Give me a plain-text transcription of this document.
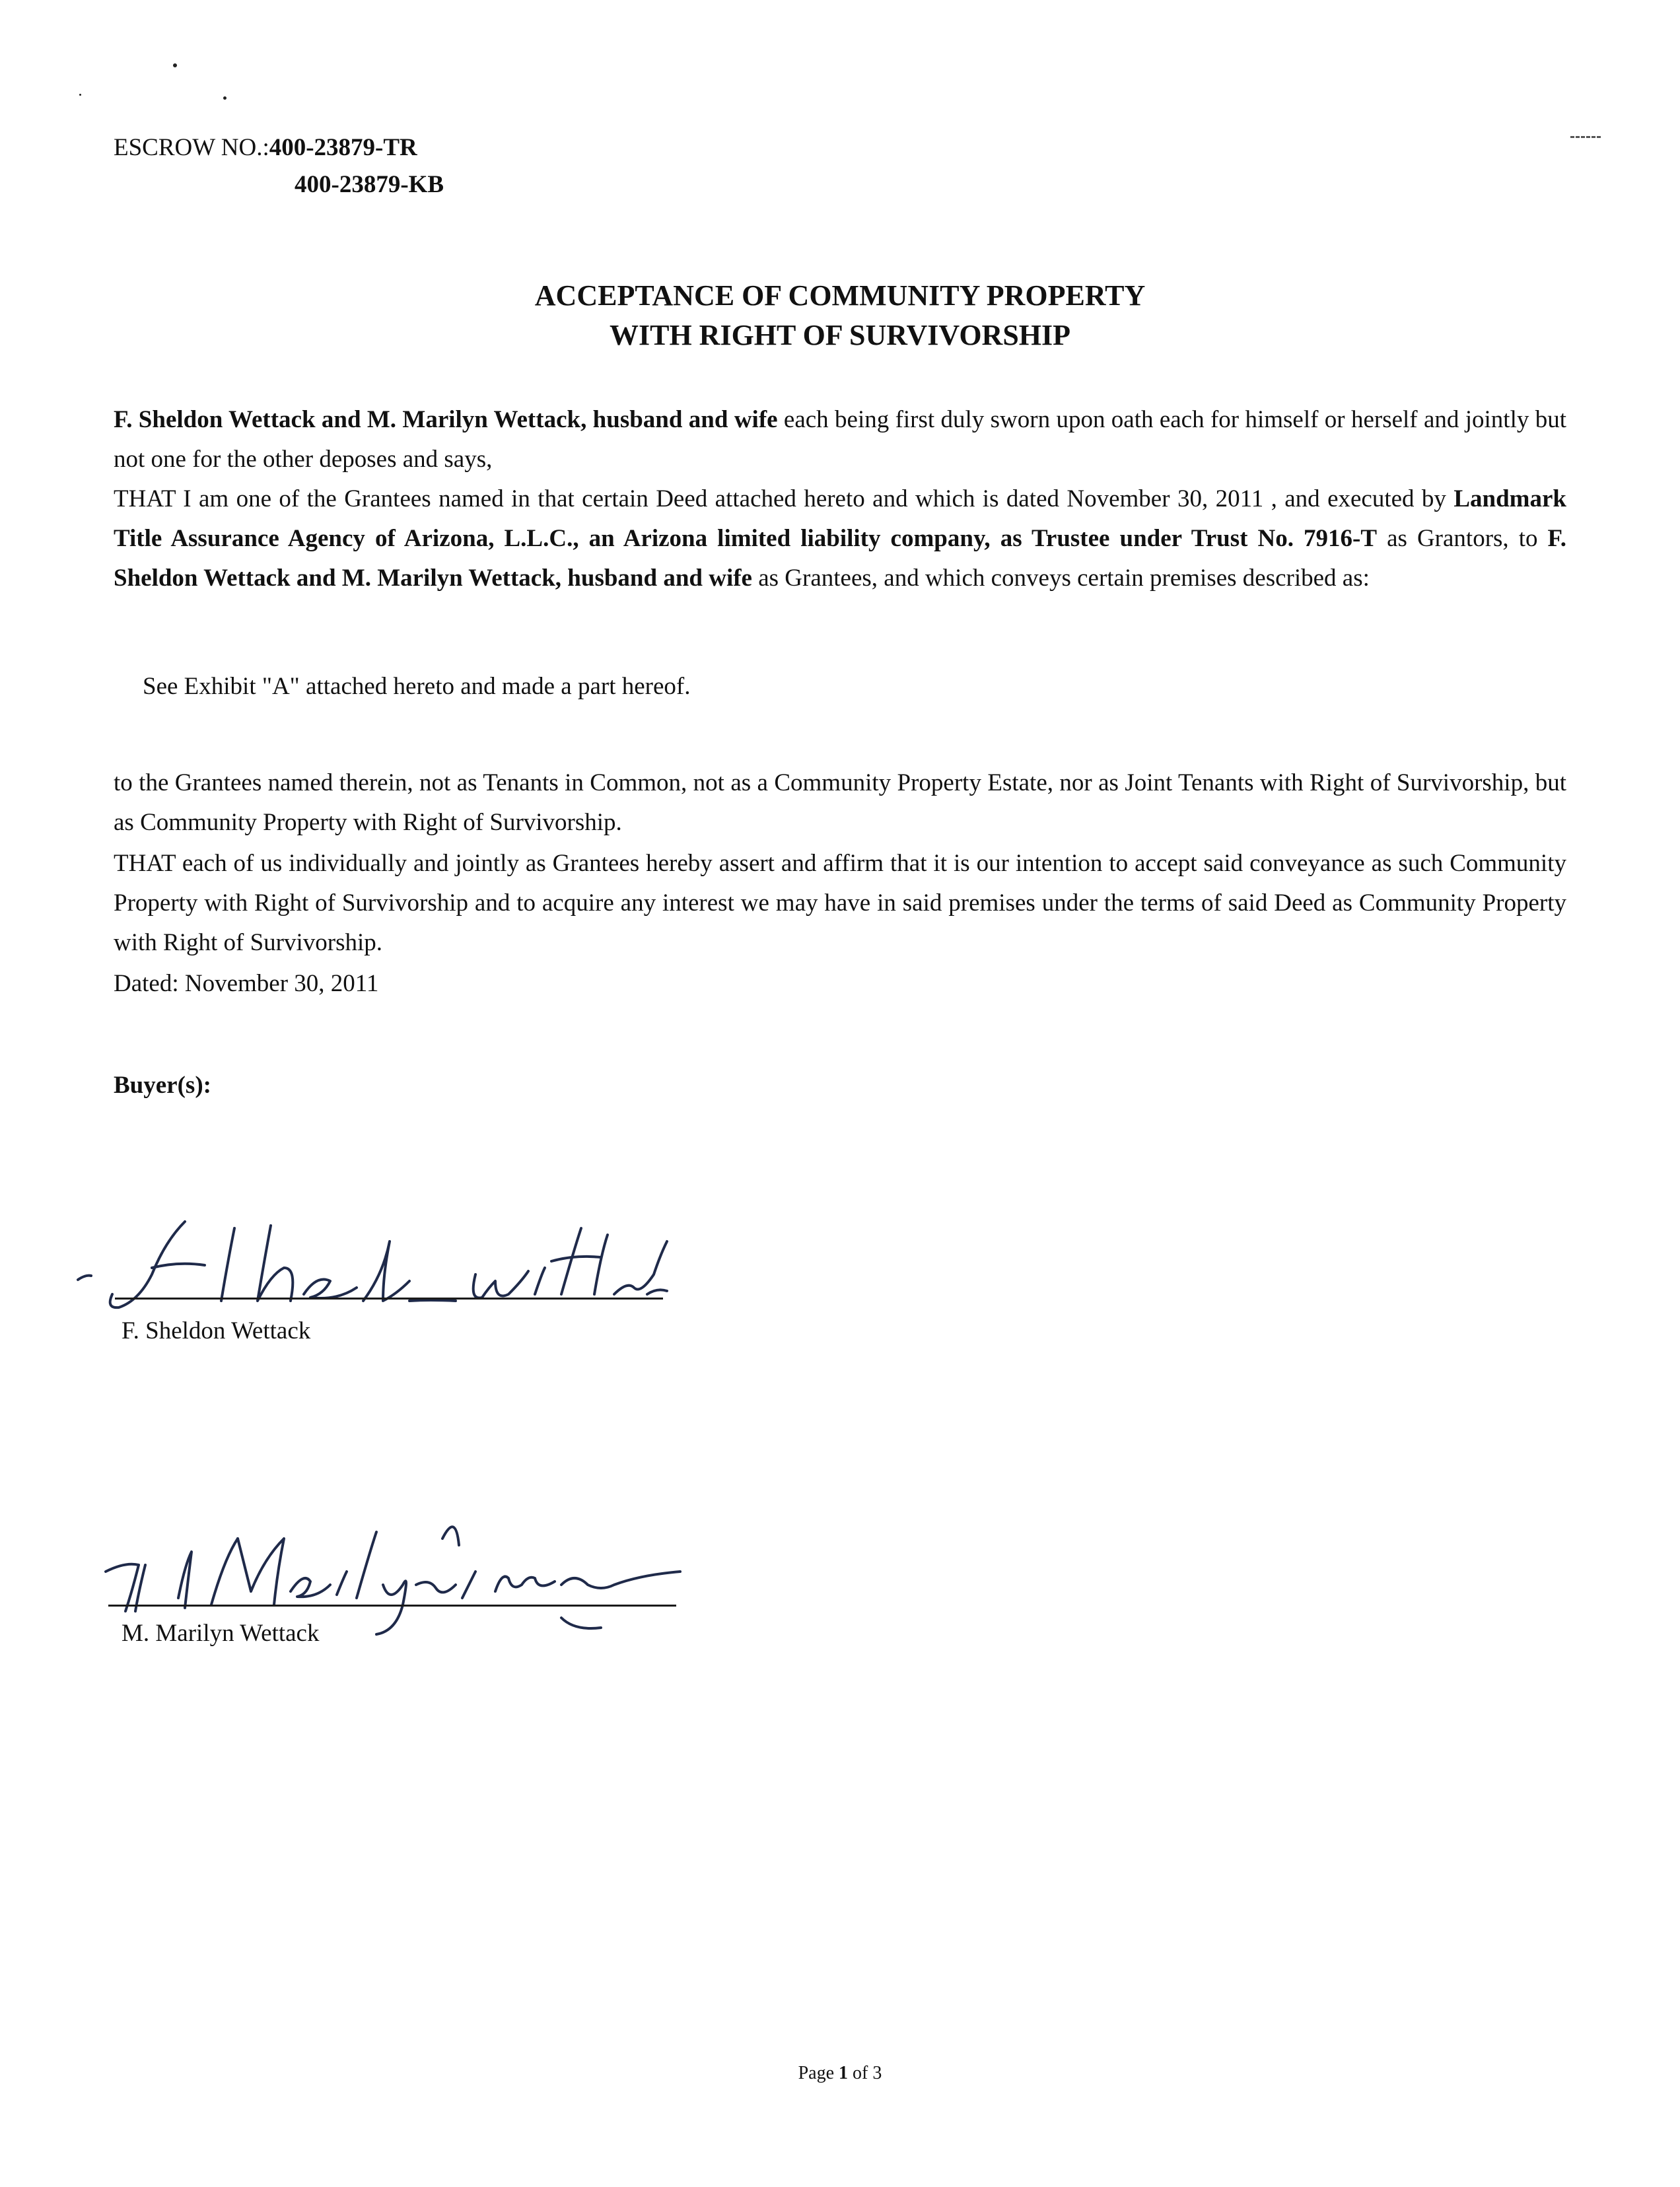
ESCROW NO.:400-23879-TR
400-23879-KB
ACCEPTANCE OF COMMUNITY PROPERTY
WITH RIGHT OF SURVIVORSHIP
F. Sheldon Wettack and M. Marilyn Wettack, husband and wife each being first duly sworn upon oath each for himself or herself and jointly but not one for the other deposes and says,
THAT I am one of the Grantees named in that certain Deed attached hereto and which is dated November 30, 2011 , and executed by Landmark Title Assurance Agency of Arizona, L.L.C., an Arizona limited liability company, as Trustee under Trust No. 7916-T as Grantors, to F. Sheldon Wettack and M. Marilyn Wettack, husband and wife as Grantees, and which conveys certain premises described as:
See Exhibit "A" attached hereto and made a part hereof.
to the Grantees named therein, not as Tenants in Common, not as a Community Property Estate, nor as Joint Tenants with Right of Survivorship, but as Community Property with Right of Survivorship.
THAT each of us individually and jointly as Grantees hereby assert and affirm that it is our intention to accept said conveyance as such Community Property with Right of Survivorship and to acquire any interest we may have in said premises under the terms of said Deed as Community Property with Right of Survivorship.
Dated: November 30, 2011
Buyer(s):
F. Sheldon Wettack
M. Marilyn Wettack
Page 1 of 3
